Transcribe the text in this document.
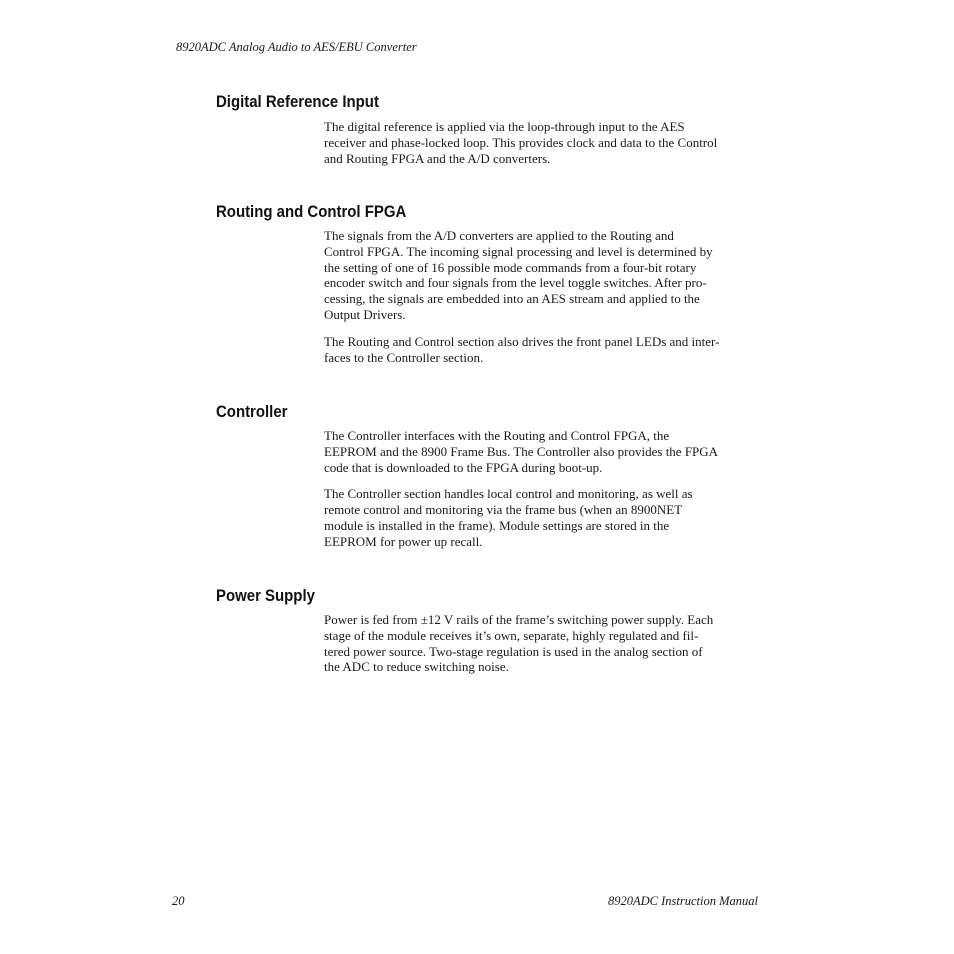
8920ADC Analog Audio to AES/EBU Converter
Digital Reference Input

The digital reference is applied via the loop-through input to the AES
receiver and phase-locked loop. This provides clock and data to the Control
and Routing FPGA and the A/D converters.

Routing and Control FPGA

The signals from the A/D converters are applied to the Routing and
Control FPGA. The incoming signal processing and level is determined by
the setting of one of 16 possible mode commands from a four-bit rotary
encoder switch and four signals from the level toggle switches. After pro-
cessing, the signals are embedded into an AES stream and applied to the
Output Drivers.

The Routing and Control section also drives the front panel LEDs and inter-
faces to the Controller section.

Controller

The Controller interfaces with the Routing and Control FPGA, the
EEPROM and the 8900 Frame Bus. The Controller also provides the FPGA
code that is downloaded to the FPGA during boot-up.

The Controller section handles local control and monitoring, as well as
remote control and monitoring via the frame bus (when an 8900NET
module is installed in the frame). Module settings are stored in the
EEPROM for power up recall.

Power Supply

Power is fed from ±12 V rails of the frame’s switching power supply. Each
stage of the module receives it’s own, separate, highly regulated and fil-
tered power source. Two-stage regulation is used in the analog section of
the ADC to reduce switching noise.

20	8920ADC Instruction Manual
